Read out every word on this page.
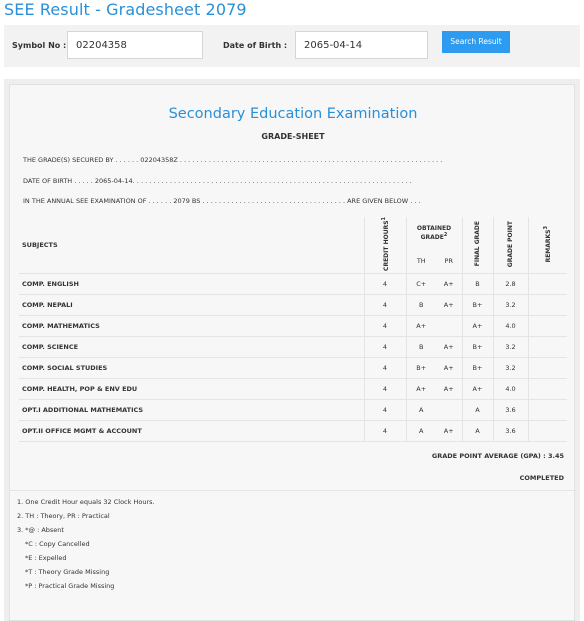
SEE Result - Gradesheet 2079
Symbol No :
02204358	Date of Birth :
2065-04-14	Search Result
Secondary Education Examination
GRADE-SHEET
THE GRADE(S) SECURED BY . . . . . . 02204358Z . . . . . . . . . . . . . . . . . . . . . . . . . . . . . . . . . . . . . . . . . . . . . . . . . . . . . . . . . . . . . . . .
DATE OF BIRTH . . . . . 2065-04-14. . . . . . . . . . . . . . . . . . . . . . . . . . . . . . . . . . . . . . . . . . . . . . . . . . . . . . . . . . . . . . . . . . . .
IN THE ANNUAL SEE EXAMINATION OF . . . . . . 2079 BS . . . . . . . . . . . . . . . . . . . . . . . . . . . . . . . . . . . ARE GIVEN BELOW . . .
SUBJECTS	CREDIT HOURS$^1$	OBTAINED GRADE$^2$		FINAL GRADE	GRADE POINT	REMARKS$^3$
		TH	PR			
COMP. ENGLISH	4	C+	A+	B	2.8	
COMP. NEPALI	4	B	A+	B+	3.2	
COMP. MATHEMATICS	4	A+		A+	4.0	
COMP. SCIENCE	4	B	A+	B+	3.2	
COMP. SOCIAL STUDIES	4	B+	A+	B+	3.2	
COMP. HEALTH, POP & ENV EDU	4	A+	A+	A+	4.0	
OPT.I ADDITIONAL MATHEMATICS	4	A		A	3.6	
OPT.II OFFICE MGMT & ACCOUNT	4	A	A+	A	3.6	
GRADE POINT AVERAGE (GPA) : 3.45
COMPLETED
1. One Credit Hour equals 32 Clock Hours.
2. TH : Theory, PR : Practical
3. *@ : Absent
*C : Copy Cancelled
*E : Expelled
*T : Theory Grade Missing
*P : Practical Grade Missing
